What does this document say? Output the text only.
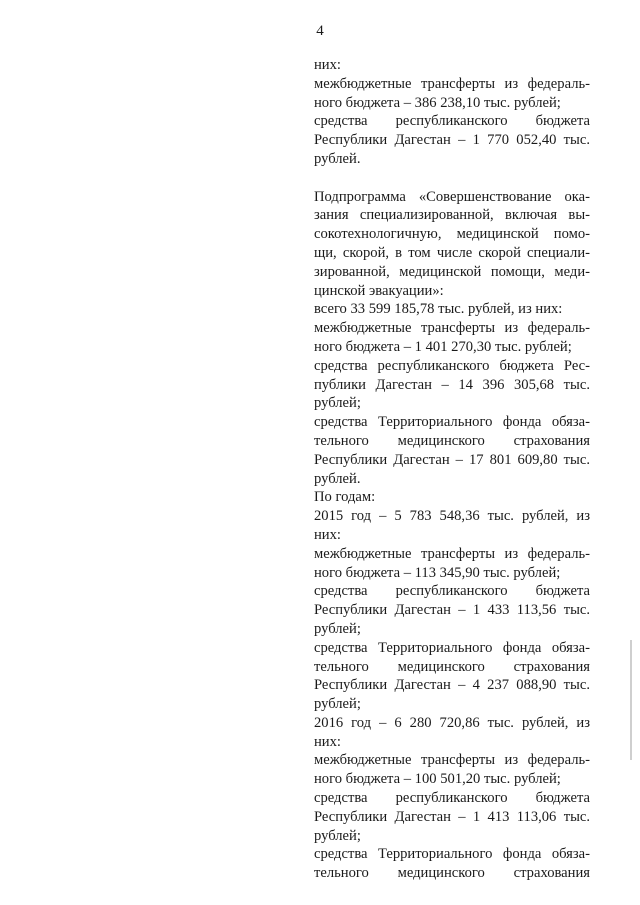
4
них:
межбюджетные трансферты из федераль-
ного бюджета – 386 238,10 тыс. рублей;
средства республиканского бюджета
Республики Дагестан – 1 770 052,40 тыс.
рублей.
Подпрограмма «Совершенствование ока-
зания специализированной, включая вы-
сокотехнологичную, медицинской помо-
щи, скорой, в том числе скорой специали-
зированной, медицинской помощи, меди-
цинской эвакуации»:
всего 33 599 185,78 тыс. рублей, из них:
межбюджетные трансферты из федераль-
ного бюджета – 1 401 270,30 тыс. рублей;
средства республиканского бюджета Рес-
публики Дагестан – 14 396 305,68 тыс.
рублей;
средства Территориального фонда обяза-
тельного медицинского страхования
Республики Дагестан – 17 801 609,80 тыс.
рублей.
По годам:
2015 год – 5 783 548,36 тыс. рублей, из
них:
межбюджетные трансферты из федераль-
ного бюджета – 113 345,90 тыс. рублей;
средства республиканского бюджета
Республики Дагестан – 1 433 113,56 тыс.
рублей;
средства Территориального фонда обяза-
тельного медицинского страхования
Республики Дагестан – 4 237 088,90 тыс.
рублей;
2016 год – 6 280 720,86 тыс. рублей, из
них:
межбюджетные трансферты из федераль-
ного бюджета – 100 501,20 тыс. рублей;
средства республиканского бюджета
Республики Дагестан – 1 413 113,06 тыс.
рублей;
средства Территориального фонда обяза-
тельного медицинского страхования
